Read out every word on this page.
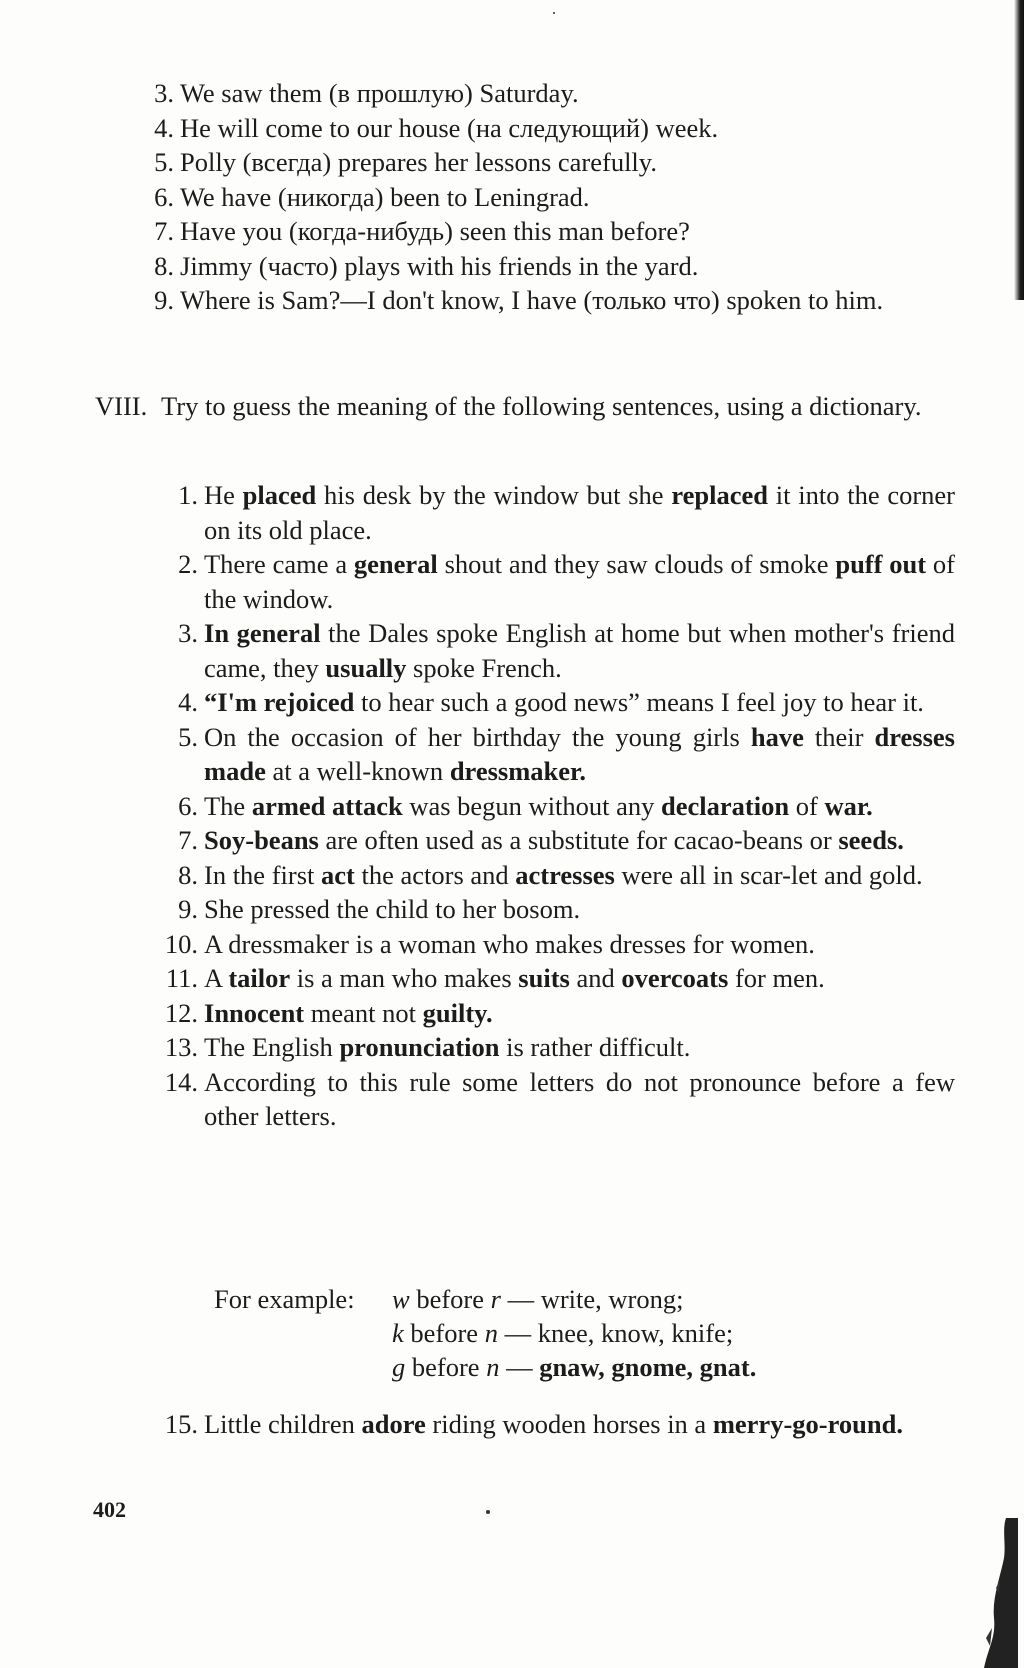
3. We saw them (в прошлую) Saturday.
4. He will come to our house (на следующий) week.
5. Polly (всегда) prepares her lessons carefully.
6. We have (никогда) been to Leningrad.
7. Have you (когда-нибудь) seen this man before?
8. Jimmy (часто) plays with his friends in the yard.
9. Where is Sam?—I don't know, I have (только что) spoken to him.
VIII. Try to guess the meaning of the following sentences, using a dictionary.
1. He placed his desk by the window but she replaced it into the corner on its old place.
2. There came a general shout and they saw clouds of smoke puff out of the window.
3. In general the Dales spoke English at home but when mother's friend came, they usually spoke French.
4. “I'm rejoiced to hear such a good news” means I feel joy to hear it.
5. On the occasion of her birthday the young girls have their dresses made at a well-known dressmaker.
6. The armed attack was begun without any declaration of war.
7. Soy-beans are often used as a substitute for cacao-beans or seeds.
8. In the first act the actors and actresses were all in scar-let and gold.
9. She pressed the child to her bosom.
10. A dressmaker is a woman who makes dresses for women.
11. A tailor is a man who makes suits and overcoats for men.
12. Innocent meant not guilty.
13. The English pronunciation is rather difficult.
14. According to this rule some letters do not pronounce before a few other letters.
For example: w before r — write, wrong;
k before n — knee, know, knife;
g before n — gnaw, gnome, gnat.
15. Little children adore riding wooden horses in a merry-go-round.
402
